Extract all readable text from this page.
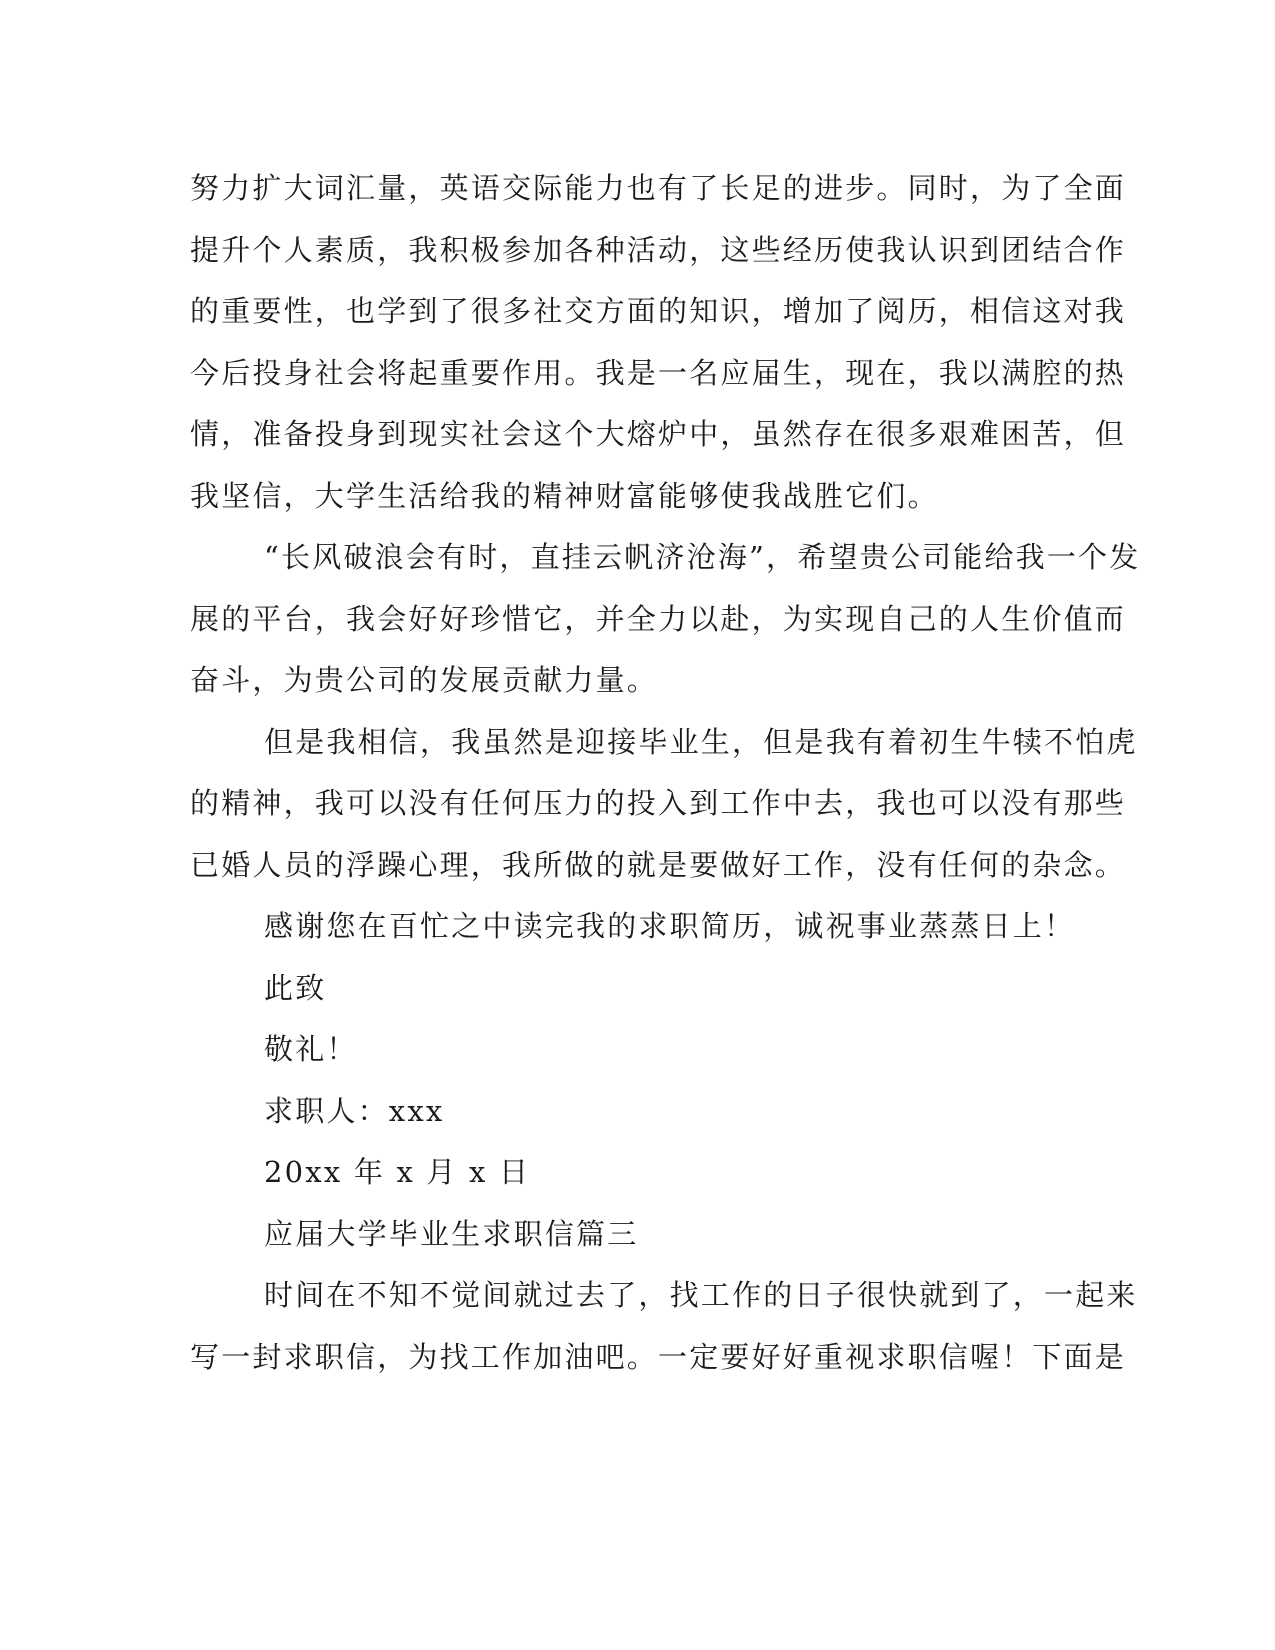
努力扩大词汇量，英语交际能力也有了长足的进步。同时，为了全面
提升个人素质，我积极参加各种活动，这些经历使我认识到团结合作
的重要性，也学到了很多社交方面的知识，增加了阅历，相信这对我
今后投身社会将起重要作用。我是一名应届生，现在，我以满腔的热
情，准备投身到现实社会这个大熔炉中，虽然存在很多艰难困苦，但
我坚信，大学生活给我的精神财富能够使我战胜它们。
“长风破浪会有时，直挂云帆济沧海”，希望贵公司能给我一个发
展的平台，我会好好珍惜它，并全力以赴，为实现自己的人生价值而
奋斗，为贵公司的发展贡献力量。
但是我相信，我虽然是迎接毕业生，但是我有着初生牛犊不怕虎
的精神，我可以没有任何压力的投入到工作中去，我也可以没有那些
已婚人员的浮躁心理，我所做的就是要做好工作，没有任何的杂念。
感谢您在百忙之中读完我的求职简历，诚祝事业蒸蒸日上！
此致
敬礼！
求职人：xxx
20xx 年 x 月 x 日
应届大学毕业生求职信篇三
时间在不知不觉间就过去了，找工作的日子很快就到了，一起来
写一封求职信，为找工作加油吧。一定要好好重视求职信喔！下面是
